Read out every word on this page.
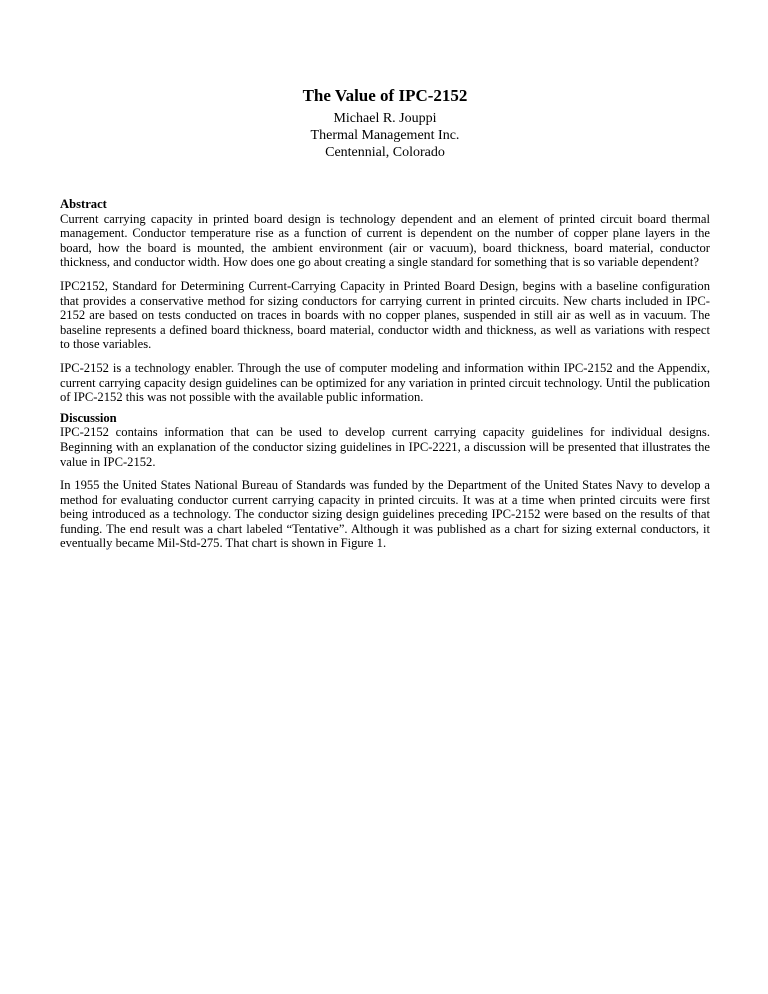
The Value of IPC-2152
Michael R. Jouppi
Thermal Management Inc.
Centennial, Colorado
Abstract

Current carrying capacity in printed board design is technology dependent and an element of printed circuit board thermal management. Conductor temperature rise as a function of current is dependent on the number of copper plane layers in the board, how the board is mounted, the ambient environment (air or vacuum), board thickness, board material, conductor thickness, and conductor width. How does one go about creating a single standard for something that is so variable dependent?

IPC2152, Standard for Determining Current-Carrying Capacity in Printed Board Design, begins with a baseline configuration that provides a conservative method for sizing conductors for carrying current in printed circuits. New charts included in IPC-2152 are based on tests conducted on traces in boards with no copper planes, suspended in still air as well as in vacuum. The baseline represents a defined board thickness, board material, conductor width and thickness, as well as variations with respect to those variables.

IPC-2152 is a technology enabler. Through the use of computer modeling and information within IPC-2152 and the Appendix, current carrying capacity design guidelines can be optimized for any variation in printed circuit technology. Until the publication of IPC-2152 this was not possible with the available public information.

Discussion

IPC-2152 contains information that can be used to develop current carrying capacity guidelines for individual designs. Beginning with an explanation of the conductor sizing guidelines in IPC-2221, a discussion will be presented that illustrates the value in IPC-2152.

In 1955 the United States National Bureau of Standards was funded by the Department of the United States Navy to develop a method for evaluating conductor current carrying capacity in printed circuits. It was at a time when printed circuits were first being introduced as a technology. The conductor sizing design guidelines preceding IPC-2152 were based on the results of that funding. The end result was a chart labeled “Tentative”. Although it was published as a chart for sizing external conductors, it eventually became Mil-Std-275. That chart is shown in Figure 1.
